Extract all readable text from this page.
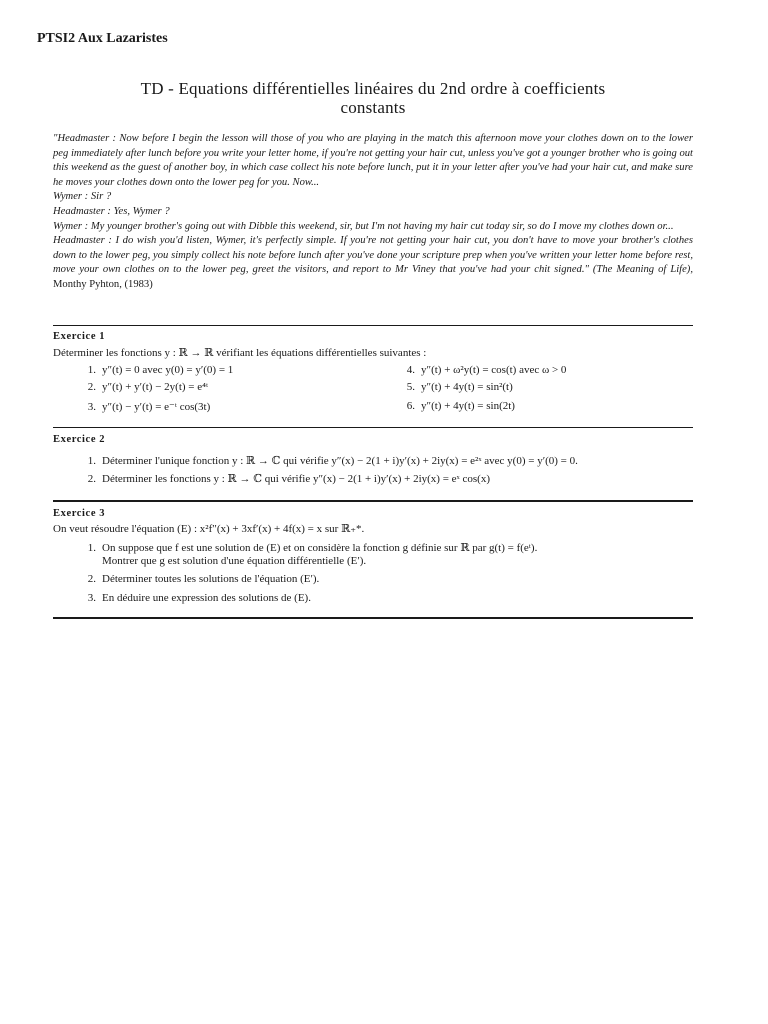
PTSI2 Aux Lazaristes
TD - Equations différentielles linéaires du 2nd ordre à coefficients
constants

"Headmaster : Now before I begin the lesson will those of you who are playing in the match this afternoon move your clothes down on to the lower peg immediately after lunch before you write your letter home, if you're not getting your hair cut, unless you've got a younger brother who is going out this weekend as the guest of another boy, in which case collect his note before lunch, put it in your letter after you've had your hair cut, and make sure he moves your clothes down onto the lower peg for you. Now...

Wymer : Sir ?

Headmaster : Yes, Wymer ?

Wymer : My younger brother's going out with Dibble this weekend, sir, but I'm not having my hair cut today sir, so do I move my clothes down or...

Headmaster : I do wish you'd listen, Wymer, it's perfectly simple. If you're not getting your hair cut, you don't have to move your brother's clothes down to the lower peg, you simply collect his note before lunch after you've done your scripture prep when you've written your letter home before rest, move your own clothes on to the lower peg, greet the visitors, and report to Mr Viney that you've had your chit signed." (The Meaning of Life), Monthy Pyhton, (1983)

Exercice 1
Déterminer les fonctions y : ℝ → ℝ vérifiant les équations différentielles suivantes :
1. y″(t) = 0 avec y(0) = y′(0) = 1
2. y″(t) + y′(t) − 2y(t) = e⁴ᵗ
3. y″(t) − y′(t) = e⁻ᵗ cos(3t)
4. y″(t) + ω²y(t) = cos(t) avec ω > 0
5. y″(t) + 4y(t) = sin²(t)
6. y″(t) + 4y(t) = sin(2t)
Exercice 2
1. Déterminer l'unique fonction y : ℝ → ℂ qui vérifie y″(x) − 2(1 + i)y′(x) + 2iy(x) = e²ˣ avec y(0) = y′(0) = 0.
2. Déterminer les fonctions y : ℝ → ℂ qui vérifie y″(x) − 2(1 + i)y′(x) + 2iy(x) = eˣ cos(x)
Exercice 3
On veut résoudre l'équation (E) : x²f″(x) + 3xf′(x) + 4f(x) = x sur ℝ₊*.
1. On suppose que f est une solution de (E) et on considère la fonction g définie sur ℝ par g(t) = f(eᵗ).
Montrer que g est solution d'une équation différentielle (E′).
2. Déterminer toutes les solutions de l'équation (E′).
3. En déduire une expression des solutions de (E).
